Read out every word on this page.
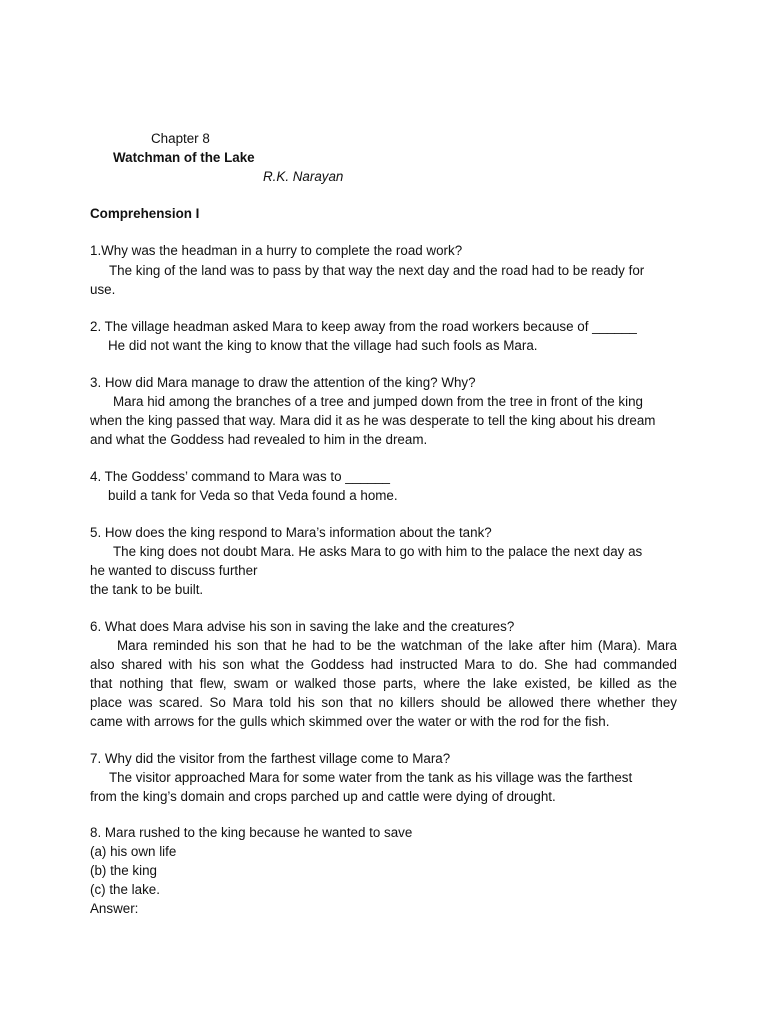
Chapter 8
Watchman of the Lake
R.K. Narayan
Comprehension I
1.Why was the headman in a hurry to complete the road work?
The king of the land was to pass by that way the next day and the road had to be ready for
use.
2. The village headman asked Mara to keep away from the road workers because of ______
He did not want the king to know that the village had such fools as Mara.
3. How did Mara manage to draw the attention of the king? Why?
Mara hid among the branches of a tree and jumped down from the tree in front of the king
when the king passed that way. Mara did it as he was desperate to tell the king about his dream
and what the Goddess had revealed to him in the dream.
4. The Goddess’ command to Mara was to ______
build a tank for Veda so that Veda found a home.
5. How does the king respond to Mara’s information about the tank?
The king does not doubt Mara. He asks Mara to go with him to the palace the next day as
he wanted to discuss further
the tank to be built.
6. What does Mara advise his son in saving the lake and the creatures?
Mara reminded his son that he had to be the watchman of the lake after him (Mara). Mara
also shared with his son what the Goddess had instructed Mara to do. She had commanded
that nothing that flew, swam or walked those parts, where the lake existed, be killed as the
place was scared. So Mara told his son that no killers should be allowed there whether they
came with arrows for the gulls which skimmed over the water or with the rod for the fish.
7. Why did the visitor from the farthest village come to Mara?
The visitor approached Mara for some water from the tank as his village was the farthest
from the king’s domain and crops parched up and cattle were dying of drought.
8. Mara rushed to the king because he wanted to save
(a) his own life
(b) the king
(c) the lake.
Answer:
